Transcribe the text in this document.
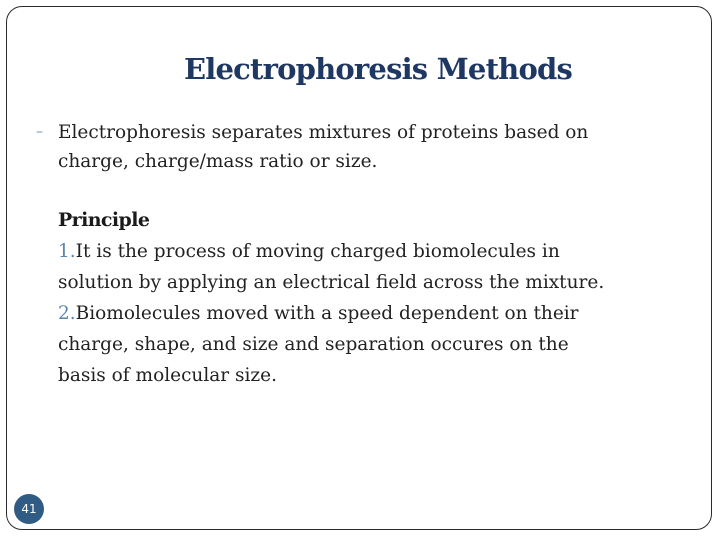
Electrophoresis Methods
– Electrophoresis separates mixtures of proteins based on
charge, charge/mass ratio or size.
Principle
1.It is the process of moving charged biomolecules in
solution by applying an electrical field across the mixture.
2.Biomolecules moved with a speed dependent on their
charge, shape, and size and separation occures on the
basis of molecular size.
41
